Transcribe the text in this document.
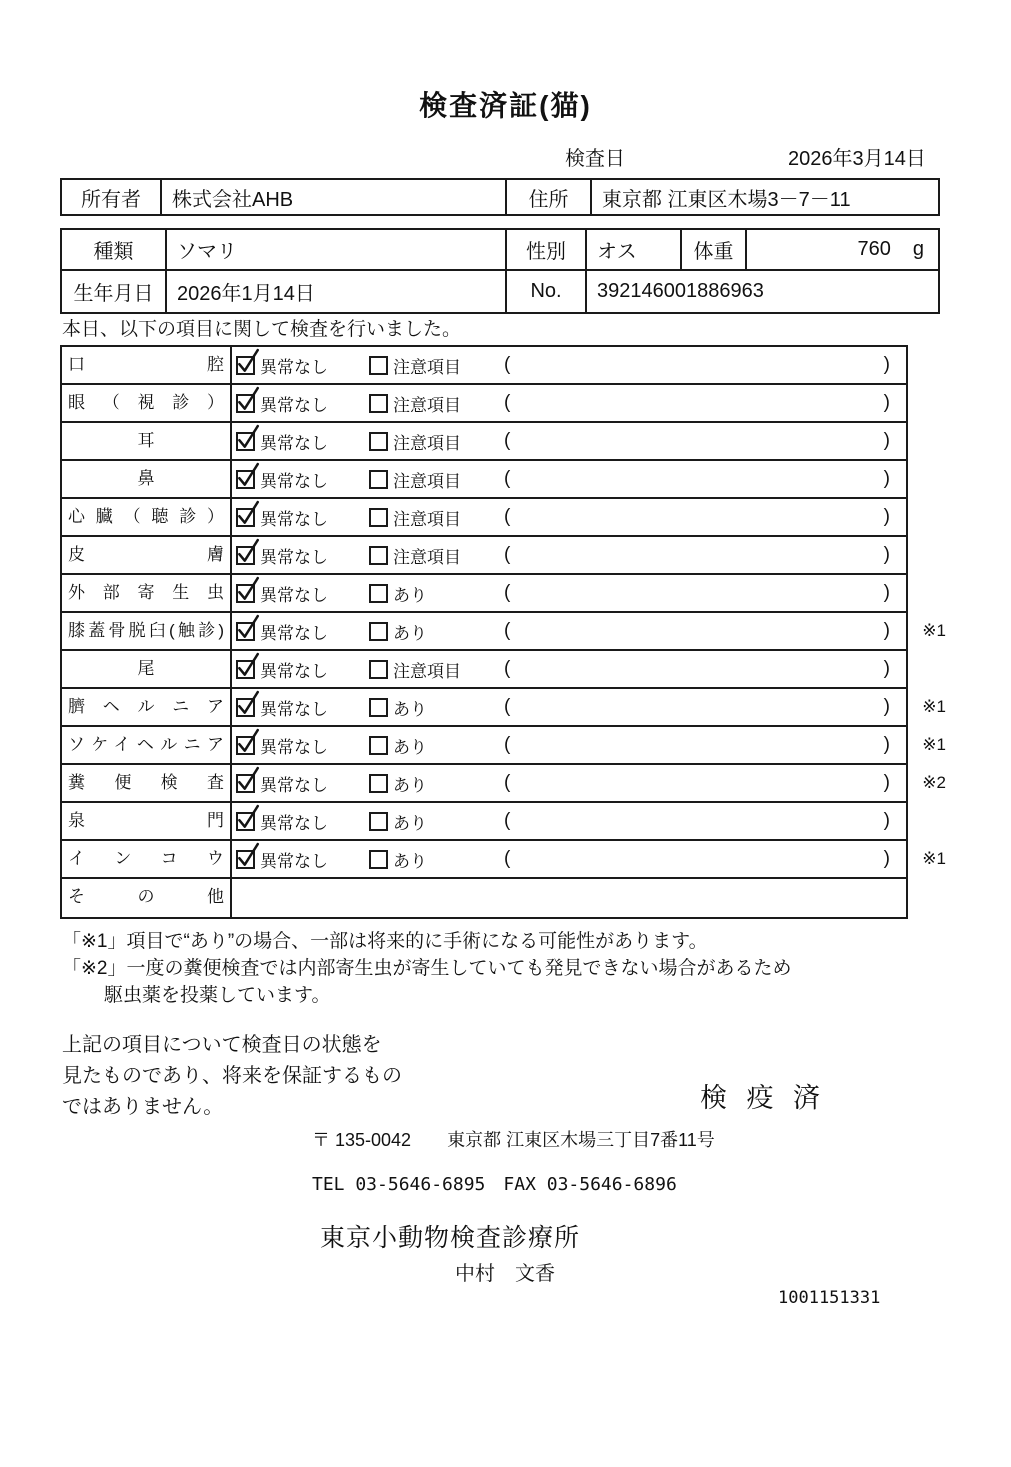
検査済証(猫)
検査日	2026年3月14日
所有者	株式会社AHB	住所	東京都 江東区木場3－7－11
種類	ソマリ	性別	オス	体重	760 g
生年月日	2026年1月14日	No.	392146001886963
本日、以下の項目に関して検査を行いました。
口腔	異常なし	注意項目 (	)
眼（視診）	異常なし	注意項目 (	)
耳	異常なし	注意項目 (	)
鼻	異常なし	注意項目 (	)
心臓（聴診）	異常なし	注意項目 (	)
皮膚	異常なし	注意項目 (	)
外部寄生虫	異常なし	あり	(	)
膝蓋骨脱臼(触診)	異常なし	あり	(	) ※1
尾	異常なし	注意項目 (	)
臍ヘルニア	異常なし	あり	(	) ※1
ソケイヘルニア	異常なし	あり	(	) ※1
糞便検査	異常なし	あり	(	) ※2
泉門	異常なし	あり	(	)
インコウ	異常なし	あり	(	) ※1
その他
「※1」項目で“あり”の場合、一部は将来的に手術になる可能性があります。
「※2」一度の糞便検査では内部寄生虫が寄生していても発見できない場合があるため
駆虫薬を投薬しています。
上記の項目について検査日の状態を
見たものであり、将来を保証するもの
ではありません。	検 疫 済
〒 135-0042　　東京都 江東区木場三丁目7番11号
TEL 03-5646-6895　FAX 03-5646-6896
東京小動物検査診療所
中村　文香
1001151331
